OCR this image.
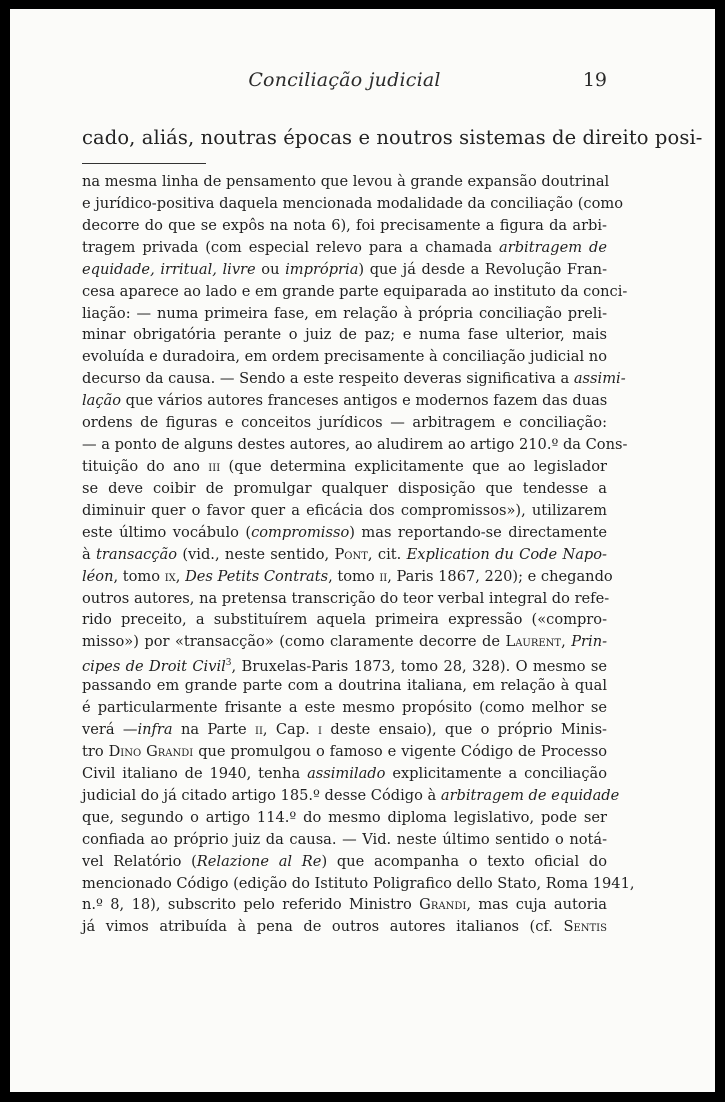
Conciliação judicial	19
cado, aliás, noutras épocas e noutros sistemas de direito posi-
na mesma linha de pensamento que levou à grande expansão doutrinal
e jurídico-positiva daquela mencionada modalidade da conciliação (como
decorre do que se expôs na nota 6), foi precisamente a figura da arbi-
tragem privada (com especial relevo para a chamada arbitragem de
equidade, irritual, livre ou imprópria) que já desde a Revolução Fran-
cesa aparece ao lado e em grande parte equiparada ao instituto da conci-
liação: — numa primeira fase, em relação à própria conciliação preli-
minar obrigatória perante o juiz de paz; e numa fase ulterior, mais
evoluída e duradoira, em ordem precisamente à conciliação judicial no
decurso da causa. — Sendo a este respeito deveras significativa a assimi-
lação que vários autores franceses antigos e modernos fazem das duas
ordens de figuras e conceitos jurídicos — arbitragem e conciliação:
— a ponto de alguns destes autores, ao aludirem ao artigo 210.º da Cons-
tituição do ano iii (que determina explicitamente que ao legislador
se deve coibir de promulgar qualquer disposição que tendesse a
diminuir quer o favor quer a eficácia dos compromissos»), utilizarem
este último vocábulo (compromisso) mas reportando-se directamente
à transacção (vid., neste sentido, Pont, cit. Explication du Code Napo-
léon, tomo ix, Des Petits Contrats, tomo ii, Paris 1867, 220); e chegando
outros autores, na pretensa transcrição do teor verbal integral do refe-
rido preceito, a substituírem aquela primeira expressão («compro-
misso») por «transacção» (como claramente decorre de Laurent, Prin-
cipes de Droit Civil$^3$, Bruxelas-Paris 1873, tomo 28, 328). O mesmo se
passando em grande parte com a doutrina italiana, em relação à qual
é particularmente frisante a este mesmo propósito (como melhor se
verá —infra na Parte ii, Cap. i deste ensaio), que o próprio Minis-
tro Dino Grandi que promulgou o famoso e vigente Código de Processo
Civil italiano de 1940, tenha assimilado explicitamente a conciliação
judicial do já citado artigo 185.º desse Código à arbitragem de equidade
que, segundo o artigo 114.º do mesmo diploma legislativo, pode ser
confiada ao próprio juiz da causa. — Vid. neste último sentido o notá-
vel Relatório (Relazione al Re) que acompanha o texto oficial do
mencionado Código (edição do Istituto Poligrafico dello Stato, Roma 1941,
n.º 8, 18), subscrito pelo referido Ministro Grandi, mas cuja autoria
já vimos atribuída à pena de outros autores italianos (cf. Sentis
